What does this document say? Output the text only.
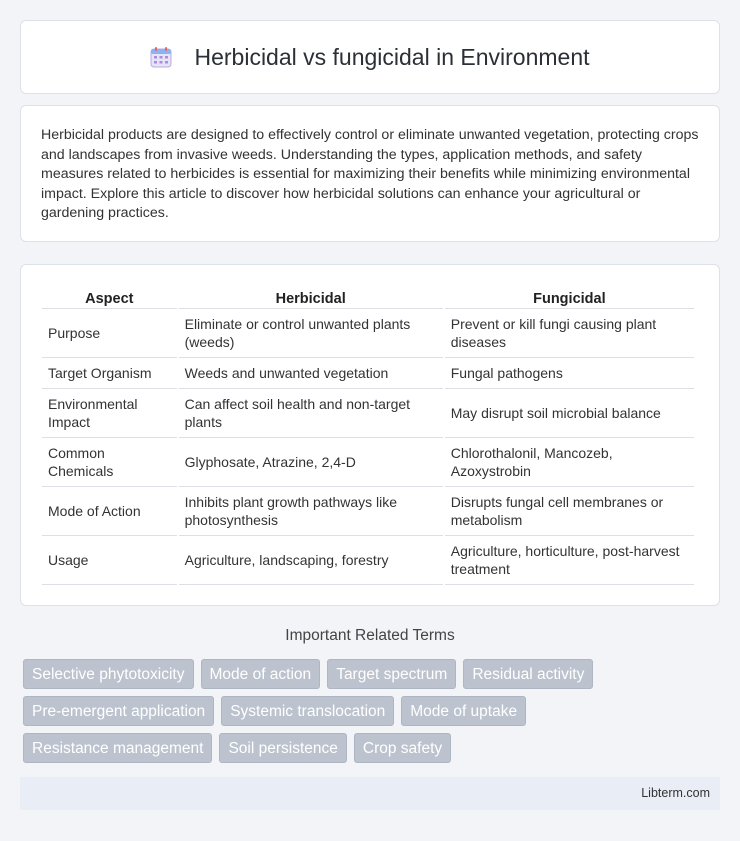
Herbicidal vs fungicidal in Environment

Herbicidal products are designed to effectively control or eliminate unwanted vegetation, protecting crops and landscapes from invasive weeds. Understanding the types, application methods, and safety measures related to herbicides is essential for maximizing their benefits while minimizing environmental impact. Explore this article to discover how herbicidal solutions can enhance your agricultural or gardening practices.

Aspect	Herbicidal	Fungicidal
Purpose	Eliminate or control unwanted plants (weeds)	Prevent or kill fungi causing plant diseases
Target Organism	Weeds and unwanted vegetation	Fungal pathogens
Environmental Impact	Can affect soil health and non-target plants	May disrupt soil microbial balance
Common Chemicals	Glyphosate, Atrazine, 2,4-D	Chlorothalonil, Mancozeb, Azoxystrobin
Mode of Action	Inhibits plant growth pathways like photosynthesis	Disrupts fungal cell membranes or metabolism
Usage	Agriculture, landscaping, forestry	Agriculture, horticulture, post-harvest treatment
Important Related Terms
Selective phytotoxicity	Mode of action	Target spectrum	Residual activity
Pre-emergent application	Systemic translocation	Mode of uptake
Resistance management	Soil persistence	Crop safety
Libterm.com
